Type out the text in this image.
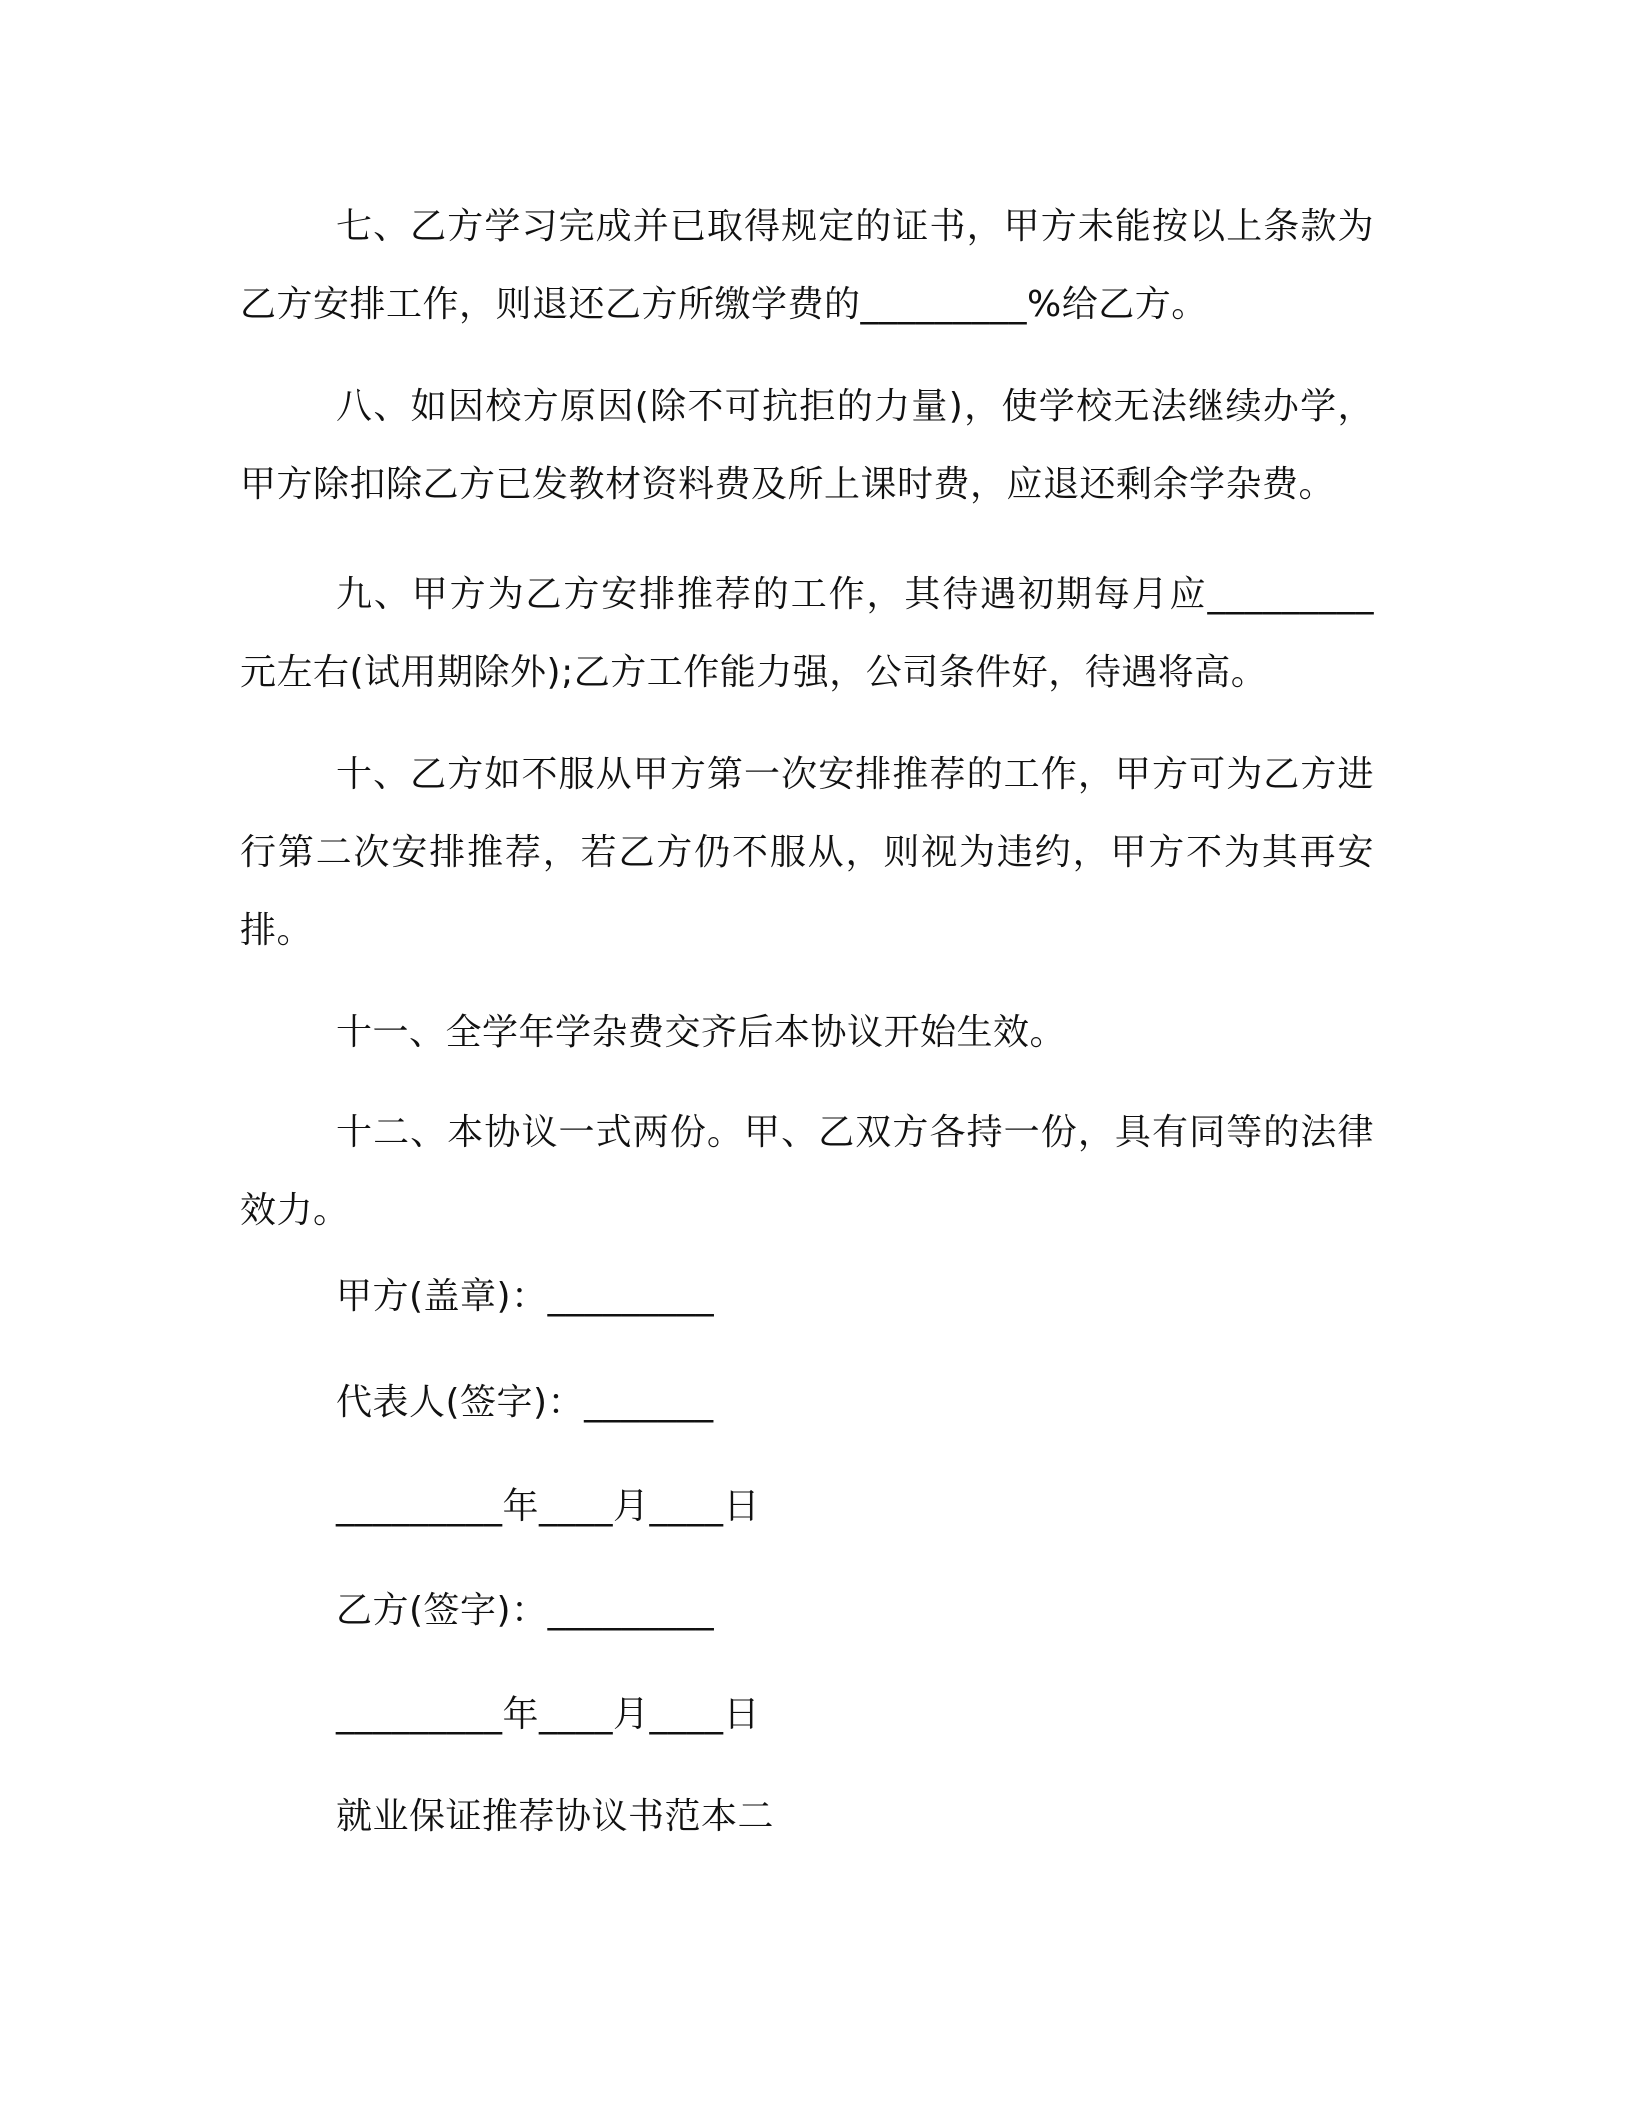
七、乙方学习完成并已取得规定的证书，甲方未能按以上条款为乙方安排工作，则退还乙方所缴学费的_________%给乙方。

八、如因校方原因(除不可抗拒的力量)，使学校无法继续办学，甲方除扣除乙方已发教材资料费及所上课时费，应退还剩余学杂费。

九、甲方为乙方安排推荐的工作，其待遇初期每月应_________元左右(试用期除外);乙方工作能力强，公司条件好，待遇将高。

十、乙方如不服从甲方第一次安排推荐的工作，甲方可为乙方进行第二次安排推荐，若乙方仍不服从，则视为违约，甲方不为其再安排。

十一、全学年学杂费交齐后本协议开始生效。

十二、本协议一式两份。甲、乙双方各持一份，具有同等的法律效力。

甲方(盖章)：_________
代表人(签字)：_______
_________年____月____日
乙方(签字)：_________
_________年____月____日
就业保证推荐协议书范本二
